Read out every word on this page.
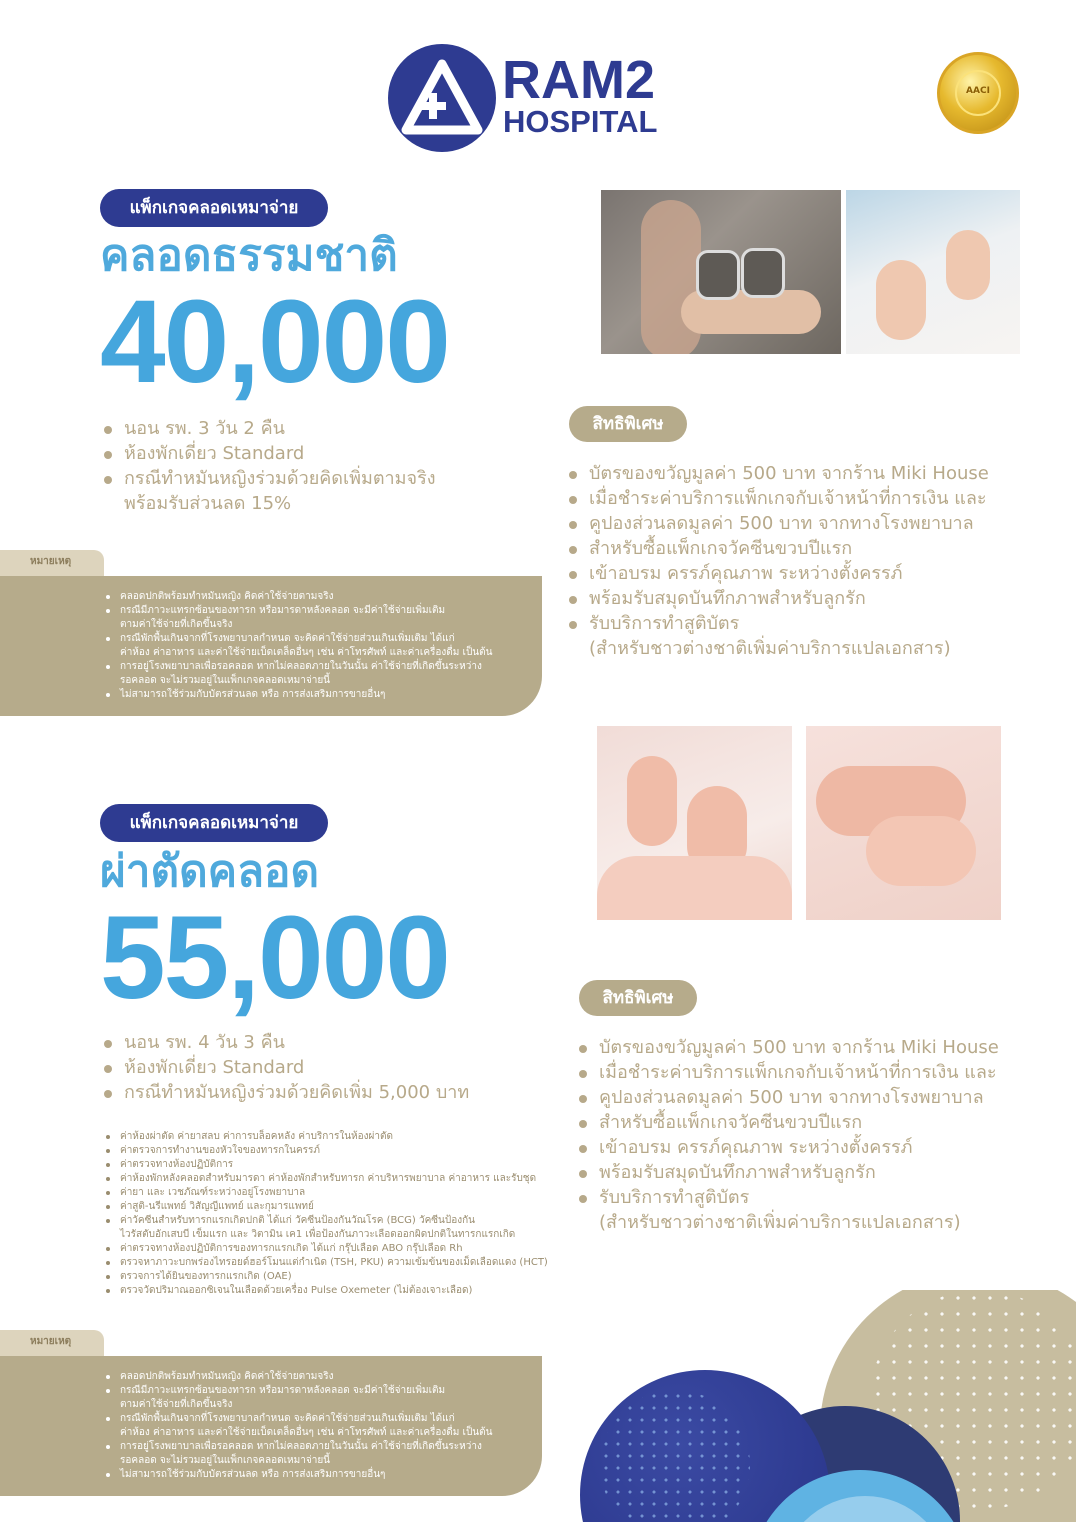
RAM2
HOSPITAL
AACI
แพ็กเกจคลอดเหมาจ่าย
คลอดธรรมชาติ
40,000
นอน รพ. 3 วัน 2 คืน
ห้องพักเดี่ยว Standard
กรณีทำหมันหญิงร่วมด้วยคิดเพิ่มตามจริง
พร้อมรับส่วนลด 15%
สิทธิพิเศษ
บัตรของขวัญมูลค่า 500 บาท จากร้าน Miki House
เมื่อชำระค่าบริการแพ็กเกจกับเจ้าหน้าที่การเงิน และ
คูปองส่วนลดมูลค่า 500 บาท จากทางโรงพยาบาล
สำหรับซื้อแพ็กเกจวัคซีนขวบปีแรก
เข้าอบรม ครรภ์คุณภาพ ระหว่างตั้งครรภ์
พร้อมรับสมุดบันทึกภาพสำหรับลูกรัก
รับบริการทำสูติบัตร
(สำหรับชาวต่างชาติเพิ่มค่าบริการแปลเอกสาร)
หมายเหตุ
คลอดปกติพร้อมทำหมันหญิง คิดค่าใช้จ่ายตามจริง
กรณีมีภาวะแทรกซ้อนของทารก หรือมารดาหลังคลอด จะมีค่าใช้จ่ายเพิ่มเติม
ตามค่าใช้จ่ายที่เกิดขึ้นจริง
กรณีพักพื้นเกินจากที่โรงพยาบาลกำหนด จะคิดค่าใช้จ่ายส่วนเกินเพิ่มเติม ได้แก่
ค่าห้อง ค่าอาหาร และค่าใช้จ่ายเบ็ดเตล็ดอื่นๆ เช่น ค่าโทรศัพท์ และค่าเครื่องดื่ม เป็นต้น
การอยู่โรงพยาบาลเพื่อรอคลอด หากไม่คลอดภายในวันนั้น ค่าใช้จ่ายที่เกิดขึ้นระหว่าง
รอคลอด จะไม่รวมอยู่ในแพ็กเกจคลอดเหมาจ่ายนี้
ไม่สามารถใช้ร่วมกับบัตรส่วนลด หรือ การส่งเสริมการขายอื่นๆ
แพ็กเกจคลอดเหมาจ่าย
ผ่าตัดคลอด
55,000
นอน รพ. 4 วัน 3 คืน
ห้องพักเดี่ยว Standard
กรณีทำหมันหญิงร่วมด้วยคิดเพิ่ม 5,000 บาท
ค่าห้องผ่าตัด ค่ายาสลบ ค่าการบล็อคหลัง ค่าบริการในห้องผ่าตัด
ค่าตรวจการทำงานของหัวใจของทารกในครรภ์
ค่าตรวจทางห้องปฏิบัติการ
ค่าห้องพักหลังคลอดสำหรับมารดา ค่าห้องพักสำหรับทารก ค่าบริหารพยาบาล ค่าอาหาร และรับชุด
ค่ายา และ เวชภัณฑ์ระหว่างอยู่โรงพยาบาล
ค่าสูติ-นรีแพทย์ วิสัญญีแพทย์ และกุมารแพทย์
ค่าวัคซีนสำหรับทารกแรกเกิดปกติ ได้แก่ วัคซีนป้องกันวัณโรค (BCG) วัคซีนป้องกัน
ไวรัสตับอักเสบบี เข็มแรก และ วิตามิน เค1 เพื่อป้องกันภาวะเลือดออกผิดปกติในทารกแรกเกิด
ค่าตรวจทางห้องปฏิบัติการของทารกแรกเกิด ได้แก่ กรุ๊ปเลือด ABO กรุ๊ปเลือด Rh
ตรวจหาภาวะบกพร่องไทรอยด์ฮอร์โมนแต่กำเนิด (TSH, PKU) ความเข้มข้นของเม็ดเลือดแดง (HCT)
ตรวจการได้ยินของทารกแรกเกิด (OAE)
ตรวจวัดปริมาณออกซิเจนในเลือดด้วยเครื่อง Pulse Oxemeter (ไม่ต้องเจาะเลือด)
สิทธิพิเศษ
บัตรของขวัญมูลค่า 500 บาท จากร้าน Miki House
เมื่อชำระค่าบริการแพ็กเกจกับเจ้าหน้าที่การเงิน และ
คูปองส่วนลดมูลค่า 500 บาท จากทางโรงพยาบาล
สำหรับซื้อแพ็กเกจวัคซีนขวบปีแรก
เข้าอบรม ครรภ์คุณภาพ ระหว่างตั้งครรภ์
พร้อมรับสมุดบันทึกภาพสำหรับลูกรัก
รับบริการทำสูติบัตร
(สำหรับชาวต่างชาติเพิ่มค่าบริการแปลเอกสาร)
หมายเหตุ
คลอดปกติพร้อมทำหมันหญิง คิดค่าใช้จ่ายตามจริง
กรณีมีภาวะแทรกซ้อนของทารก หรือมารดาหลังคลอด จะมีค่าใช้จ่ายเพิ่มเติม
ตามค่าใช้จ่ายที่เกิดขึ้นจริง
กรณีพักพื้นเกินจากที่โรงพยาบาลกำหนด จะคิดค่าใช้จ่ายส่วนเกินเพิ่มเติม ได้แก่
ค่าห้อง ค่าอาหาร และค่าใช้จ่ายเบ็ดเตล็ดอื่นๆ เช่น ค่าโทรศัพท์ และค่าเครื่องดื่ม เป็นต้น
การอยู่โรงพยาบาลเพื่อรอคลอด หากไม่คลอดภายในวันนั้น ค่าใช้จ่ายที่เกิดขึ้นระหว่าง
รอคลอด จะไม่รวมอยู่ในแพ็กเกจคลอดเหมาจ่ายนี้
ไม่สามารถใช้ร่วมกับบัตรส่วนลด หรือ การส่งเสริมการขายอื่นๆ
